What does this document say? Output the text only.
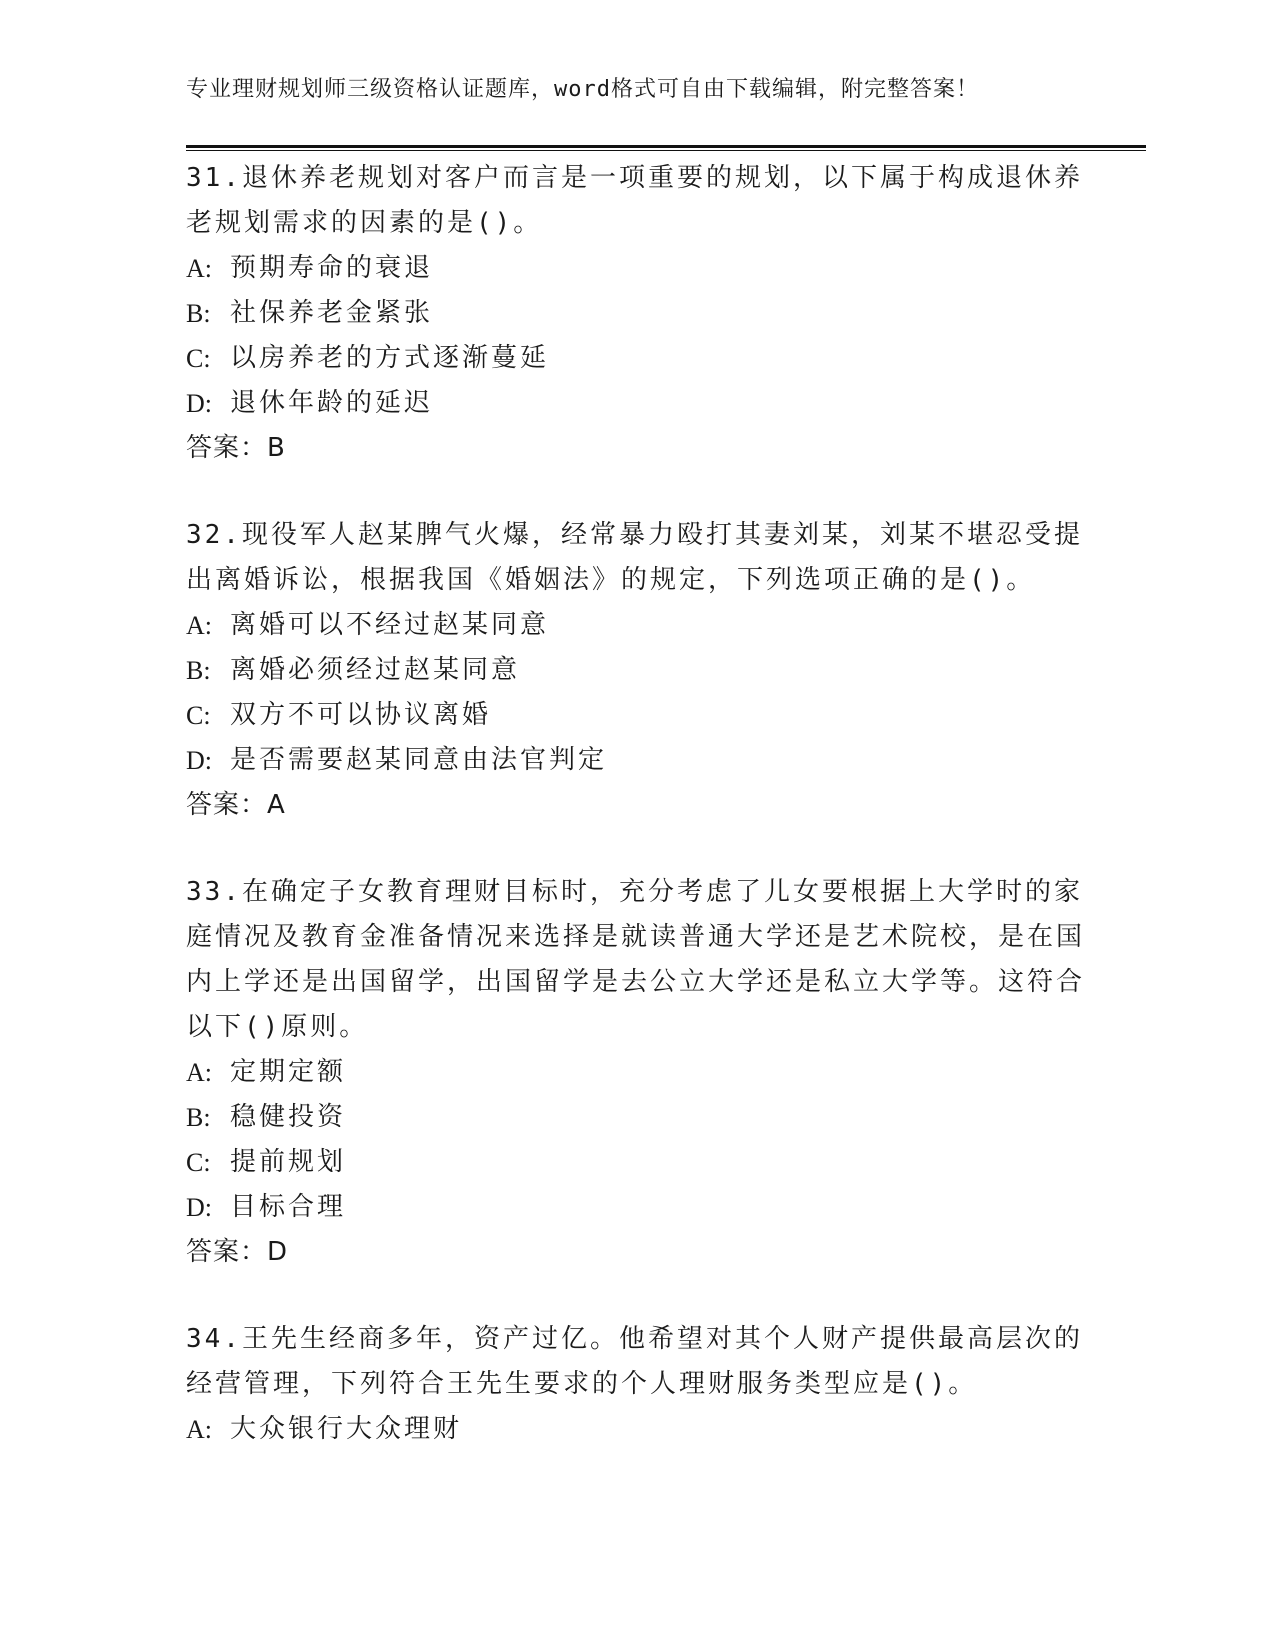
专业理财规划师三级资格认证题库，word格式可自由下载编辑，附完整答案！

31.退休养老规划对客户而言是一项重要的规划，以下属于构成退休养老规划需求的因素的是()。

A: 预期寿命的衰退
B: 社保养老金紧张
C: 以房养老的方式逐渐蔓延
D: 退休年龄的延迟
答案：B

32.现役军人赵某脾气火爆，经常暴力殴打其妻刘某，刘某不堪忍受提出离婚诉讼，根据我国《婚姻法》的规定，下列选项正确的是()。

A: 离婚可以不经过赵某同意
B: 离婚必须经过赵某同意
C: 双方不可以协议离婚
D: 是否需要赵某同意由法官判定
答案：A

33.在确定子女教育理财目标时，充分考虑了儿女要根据上大学时的家庭情况及教育金准备情况来选择是就读普通大学还是艺术院校，是在国内上学还是出国留学，出国留学是去公立大学还是私立大学等。这符合以下()原则。

A: 定期定额
B: 稳健投资
C: 提前规划
D: 目标合理
答案：D

34.王先生经商多年，资产过亿。他希望对其个人财产提供最高层次的经营管理，下列符合王先生要求的个人理财服务类型应是()。

A: 大众银行大众理财
